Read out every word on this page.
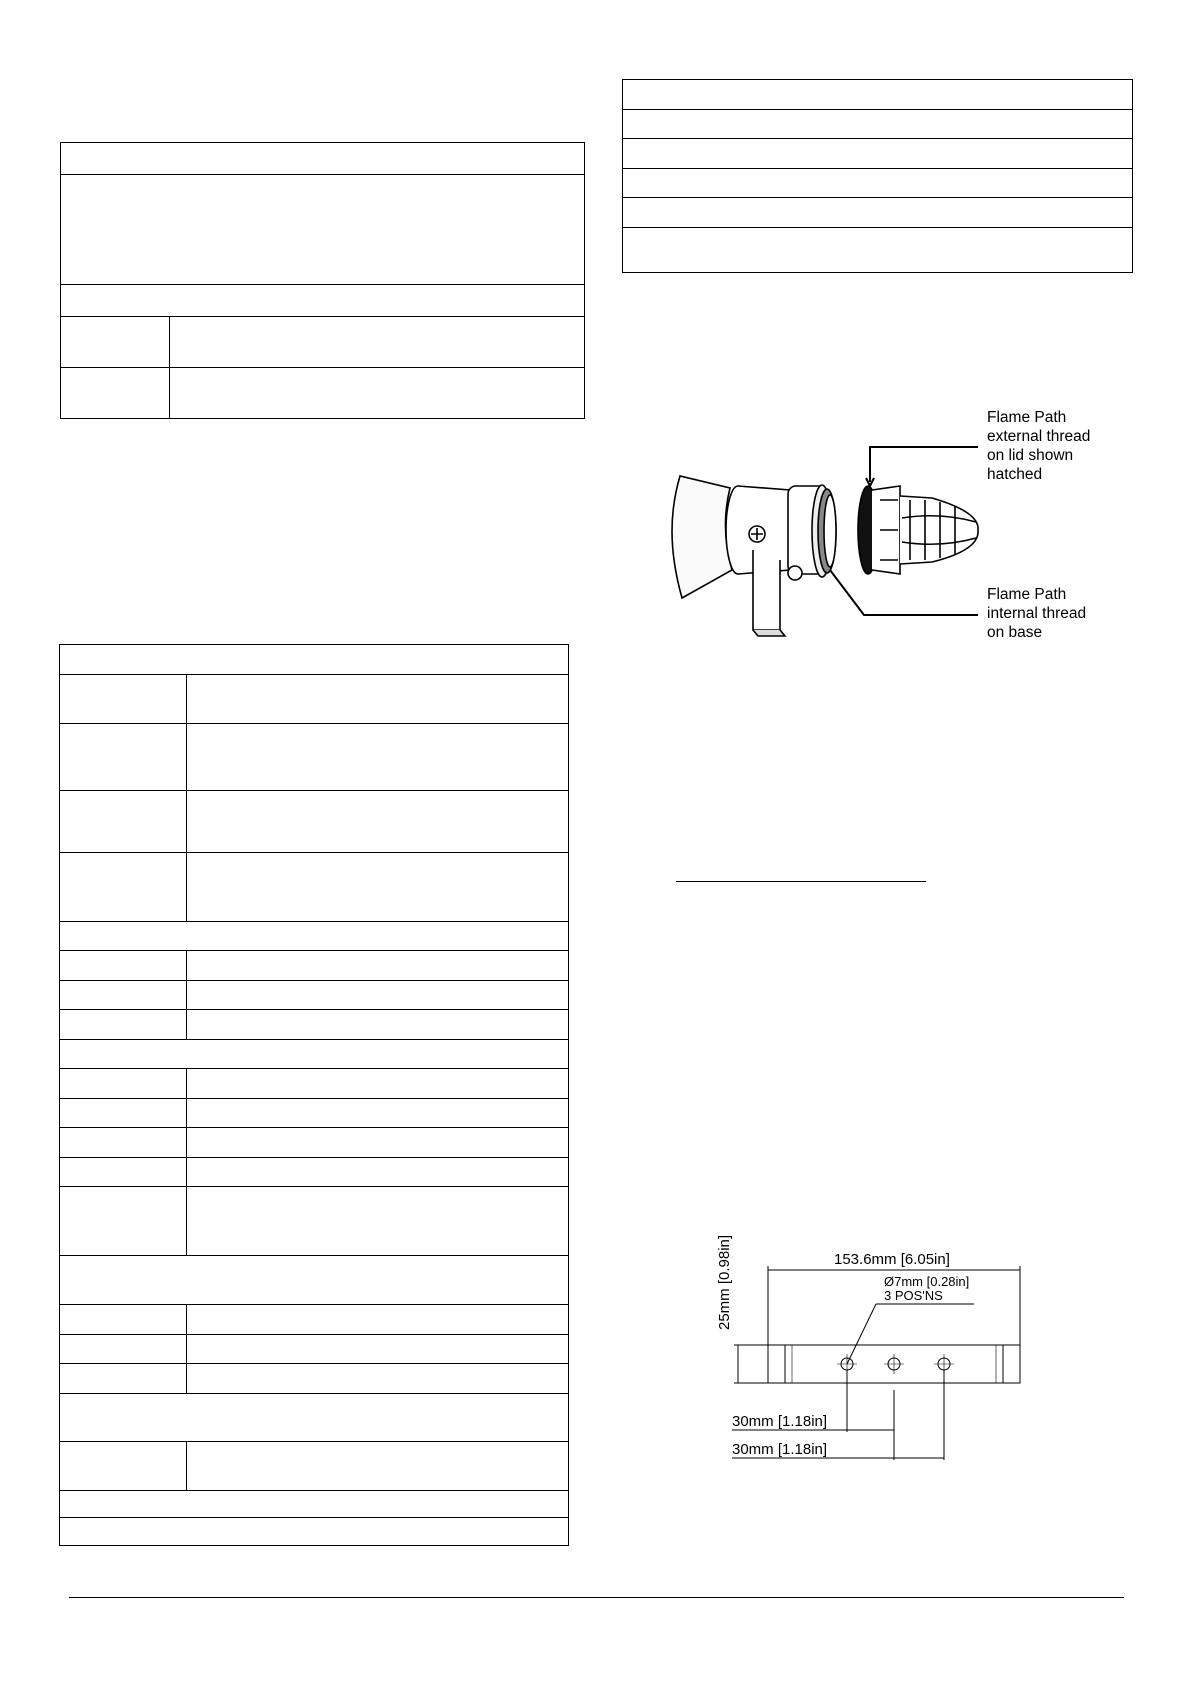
Flame Path
external thread
on lid shown
hatched
Flame Path
internal thread
on base
153.6mm [6.05in]
25mm [0.98in]	Ø7mm [0.28in]
3 POS'NS
30mm [1.18in]
30mm [1.18in]
